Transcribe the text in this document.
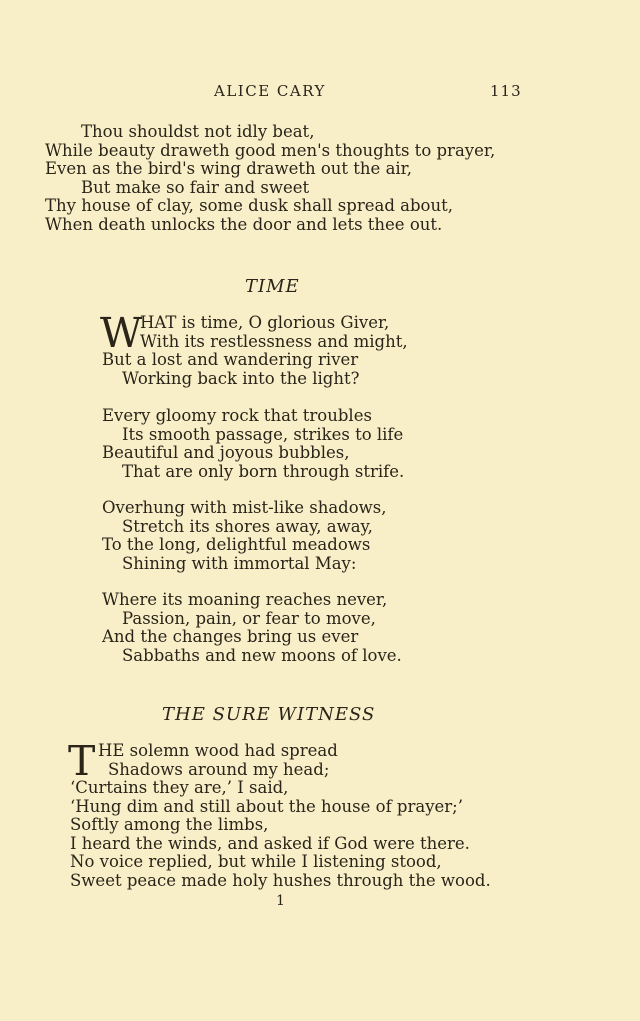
ALICE CARY	113
Thou shouldst not idly beat,
While beauty draweth good men's thoughts to prayer,
Even as the bird's wing draweth out the air,
But make so fair and sweet
Thy house of clay, some dusk shall spread about,
When death unlocks the door and lets thee out.
TIME
W
HAT is time, O glorious Giver,
With its restlessness and might,
But a lost and wandering river
Working back into the light?
Every gloomy rock that troubles
Its smooth passage, strikes to life
Beautiful and joyous bubbles,
That are only born through strife.
Overhung with mist-like shadows,
Stretch its shores away, away,
To the long, delightful meadows
Shining with immortal May:
Where its moaning reaches never,
Passion, pain, or fear to move,
And the changes bring us ever
Sabbaths and new moons of love.
THE SURE WITNESS
T HE solemn wood had spread
Shadows around my head;
‘Curtains they are,’ I said,
‘Hung dim and still about the house of prayer;’
Softly among the limbs,
I heard the winds, and asked if God were there.
No voice replied, but while I listening stood,
Sweet peace made holy hushes through the wood.
1
